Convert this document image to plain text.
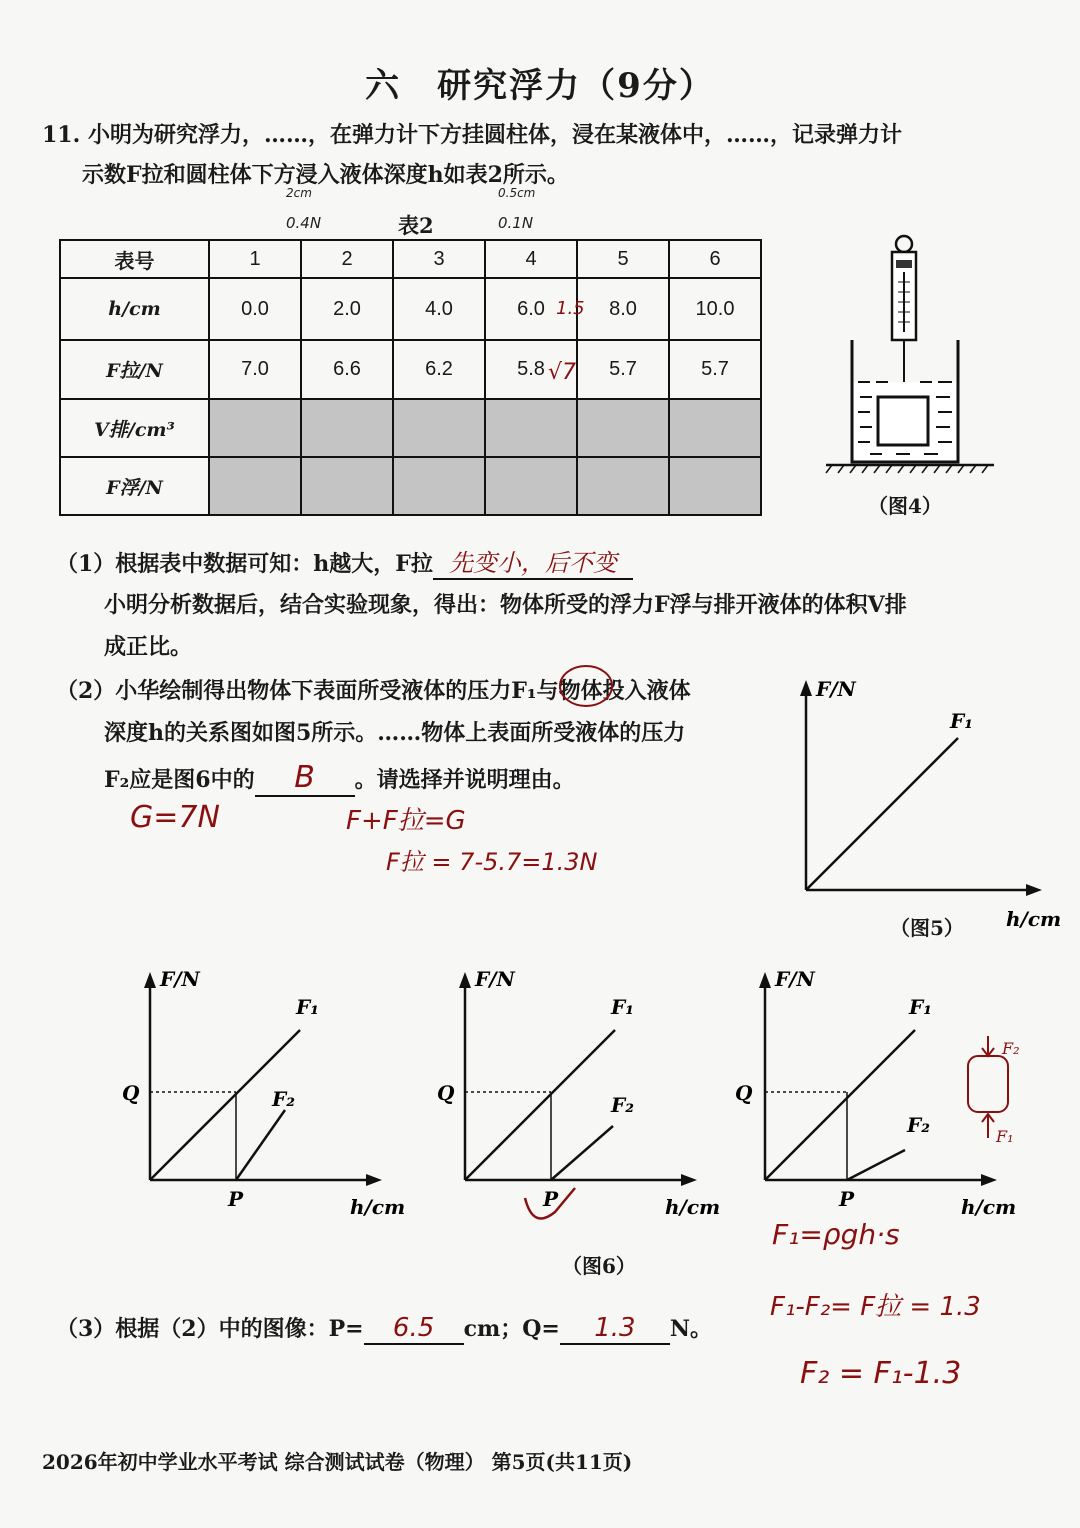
六　研究浮力（9分）
11. 小明为研究浮力，……，在弹力计下方挂圆柱体，浸在某液体中，……，记录弹力计
示数F拉和圆柱体下方浸入液体深度h如表2所示。
2cm
0.4N
0.5cm
0.1N
表2
表号	1	2	3	4	5	6
h/cm	0.0	2.0	4.0	6.0	8.0	10.0
F拉/N	7.0	6.6	6.2	5.8	5.7	5.7
V排/cm³						
F浮/N						
1.5
√7
（图4）
（1）根据表中数据可知：h越大，F拉 先变小，后不变
小明分析数据后，结合实验现象，得出：物体所受的浮力F浮与排开液体的体积V排
成正比。
（2）小华绘制得出物体下表面所受液体的压力F₁与物体投入液体
深度h的关系图如图5所示。……物体上表面所受液体的压力
F₂应是图6中的 B 。请选择并说明理由。
G=7N	F+F拉=G
F拉 = 7-5.7=1.3N
F/N
F₁
h/cm
（图5）
F/N
F₁
F₂
Q
P	h/cm
F/N
F₁
F₂
Q
P	h/cm
F/N
F₁
F₂
Q
P	h/cm
（图6）
F₂
F₁
F₁=ρgh·s
F₁-F₂= F拉 = 1.3
F₂ = F₁-1.3
（3）根据（2）中的图像：P= 6.5 cm；Q= 1.3 N。
2026年初中学业水平考试 综合测试试卷（物理） 第5页(共11页)
